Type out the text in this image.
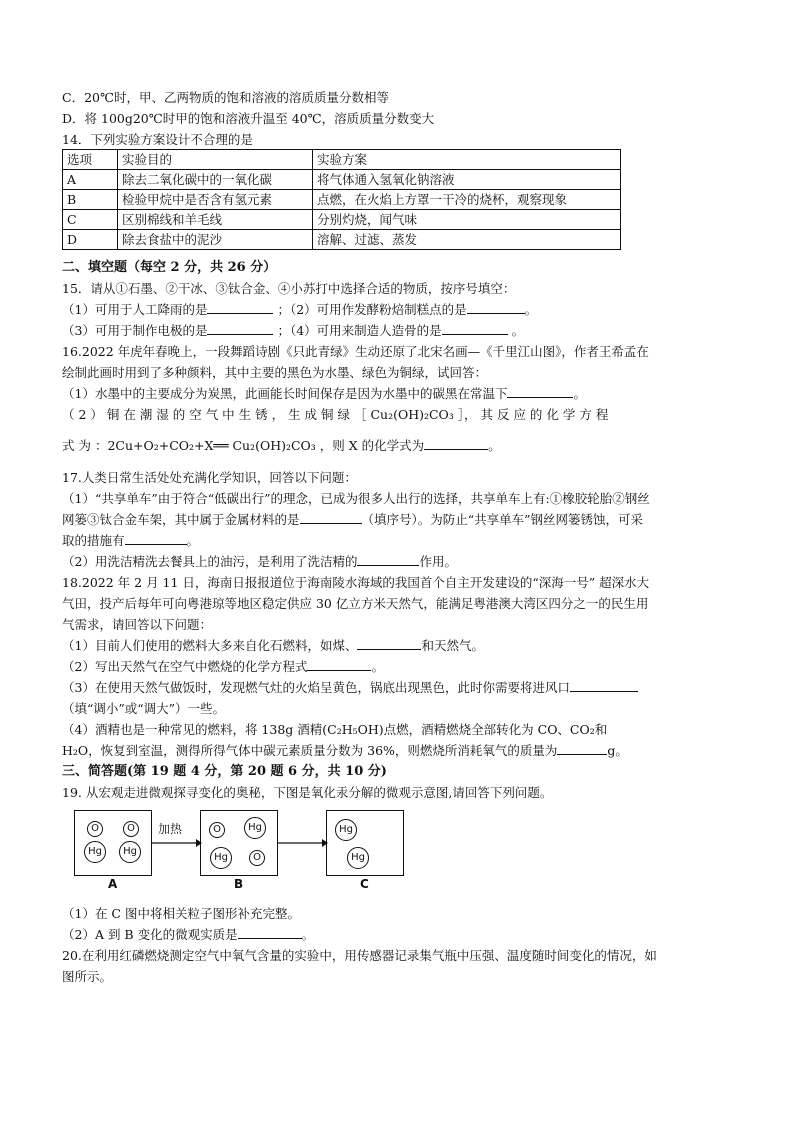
C．20℃时，甲、乙两物质的饱和溶液的溶质质量分数相等
D．将 100g20℃时甲的饱和溶液升温至 40℃，溶质质量分数变大
14．下列实验方案设计不合理的是
选项	实验目的	实验方案
A	除去二氧化碳中的一氧化碳	将气体通入氢氧化钠溶液
B	检验甲烷中是否含有氢元素	点燃，在火焰上方罩一干冷的烧杯，观察现象
C	区别棉线和羊毛线	分别灼烧，闻气味
D	除去食盐中的泥沙	溶解、过滤、蒸发
二、填空题（每空 2 分，共 26 分）
15．请从①石墨、②干冰、③钛合金、④小苏打中选择合适的物质，按序号填空：
（1）可用于人工降雨的是	；（2）可用作发酵粉焙制糕点的是	。
（3）可用于制作电极的是	；（4）可用来制造人造骨的是	。
16.2022 年虎年春晚上，一段舞蹈诗剧《只此青绿》生动还原了北宋名画—《千里江山图》，作者王希孟在
绘制此画时用到了多种颜料，其中主要的黑色为水墨、绿色为铜绿，试回答：
（1）水墨中的主要成分为炭黑，此画能长时间保存是因为水墨中的碳黑在常温下	。
（ 2 ） 铜 在 潮 湿 的 空 气 中 生 锈 ， 生 成 铜 绿 ［ Cu₂(OH)₂CO₃ ］， 其 反 应 的 化 学 方 程
式 为 ：2Cu+O₂+CO₂+X══ Cu₂(OH)₂CO₃ ，则 X 的化学式为	。
17.人类日常生活处处充满化学知识，回答以下问题：
（1）“共享单车”由于符合“低碳出行”的理念，已成为很多人出行的选择，共享单车上有:①橡胶轮胎②钢丝
网篓③钛合金车架，其中属于金属材料的是	（填序号）。为防止“共享单车”钢丝网篓锈蚀，可采
取的措施有	。
（2）用洗洁精洗去餐具上的油污，是利用了洗洁精的	作用。
18.2022 年 2 月 11 日，海南日报报道位于海南陵水海域的我国首个自主开发建设的“深海一号” 超深水大
气田，投产后每年可向粤港琼等地区稳定供应 30 亿立方米天然气，能满足粤港澳大湾区四分之一的民生用
气需求，请回答以下问题：
（1）目前人们使用的燃料大多来自化石燃料，如煤、	和天然气。
（2）写出天然气在空气中燃烧的化学方程式	。
（3）在使用天然气做饭时，发现燃气灶的火焰呈黄色，锅底出现黑色，此时你需要将进风口
（填“调小”或“调大”）一些。
（4）酒精也是一种常见的燃料，将 138g 酒精(C₂H₅OH)点燃，酒精燃烧全部转化为 CO、CO₂和
H₂O，恢复到室温，测得所得气体中碳元素质量分数为 36%，则燃烧所消耗氧气的质量为	g。
三、简答题(第 19 题 4 分，第 20 题 6 分，共 10 分)
19. 从宏观走进微观探寻变化的奥秘，下图是氧化汞分解的微观示意图,请回答下列问题。
O	O
Hg	Hg
加热	O	Hg
Hg	O
Hg
Hg
A	B	C
（1）在 C 图中将相关粒子图形补充完整。
（2）A 到 B 变化的微观实质是	。
20.在利用红磷燃烧测定空气中氧气含量的实验中，用传感器记录集气瓶中压强、温度随时间变化的情况，如
图所示。
